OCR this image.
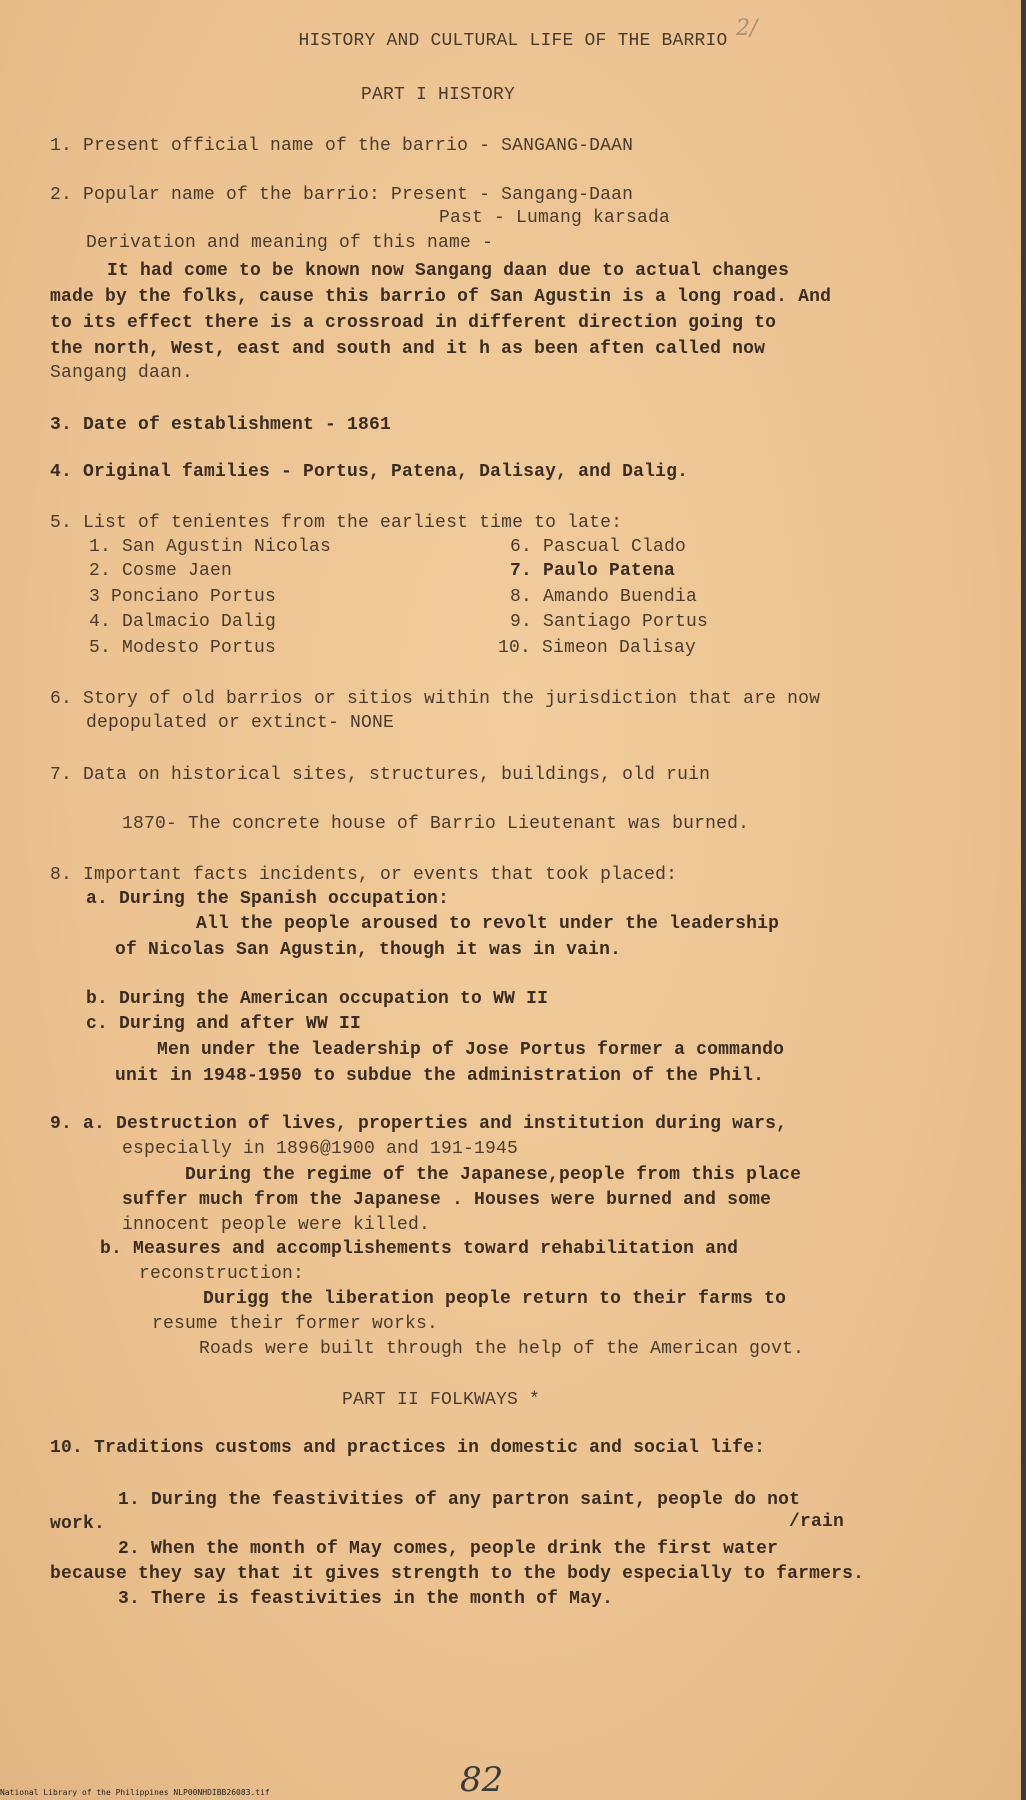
HISTORY AND CULTURAL LIFE OF THE BARRIO 2/
PART I HISTORY
1. Present official name of the barrio - SANGANG-DAAN
2. Popular name of the barrio: Present - Sangang-Daan
Past - Lumang karsada
Derivation and meaning of this name -
It had come to be known now Sangang daan due to actual changes
made by the folks, cause this barrio of San Agustin is a long road. And
to its effect there is a crossroad in different direction going to
the north, West, east and south and it h as been aften called now
Sangang daan.
3. Date of establishment - 1861
4. Original families - Portus, Patena, Dalisay, and Dalig.
5. List of tenientes from the earliest time to late:
1. San Agustin Nicolas
2. Cosme Jaen
3 Ponciano Portus
4. Dalmacio Dalig
5. Modesto Portus
6. Pascual Clado
7. Paulo Patena
8. Amando Buendia
9. Santiago Portus
10. Simeon Dalisay
6. Story of old barrios or sitios within the jurisdiction that are now
depopulated or extinct- NONE
7. Data on historical sites, structures, buildings, old ruin
1870- The concrete house of Barrio Lieutenant was burned.
8. Important facts incidents, or events that took placed:
a. During the Spanish occupation:
All the people aroused to revolt under the leadership
of Nicolas San Agustin, though it was in vain.
b. During the American occupation to WW II
c. During and after WW II
Men under the leadership of Jose Portus former a commando
unit in 1948-1950 to subdue the administration of the Phil.
9. a. Destruction of lives, properties and institution during wars,
especially in 1896@1900 and 191-1945
During the regime of the Japanese,people from this place
suffer much from the Japanese . Houses were burned and some
innocent people were killed.
b. Measures and accomplishements toward rehabilitation and
reconstruction:
Durigg the liberation people return to their farms to
resume their former works.
Roads were built through the help of the American govt.
PART II FOLKWAYS *
10. Traditions customs and practices in domestic and social life:
1. During the feastivities of any partron saint, people do not
work.	/rain
2. When the month of May comes, people drink the first water
because they say that it gives strength to the body especially to farmers.
3. There is feastivities in the month of May.
82
National Library of the Philippines NLP00NHDIBB26083.tif
